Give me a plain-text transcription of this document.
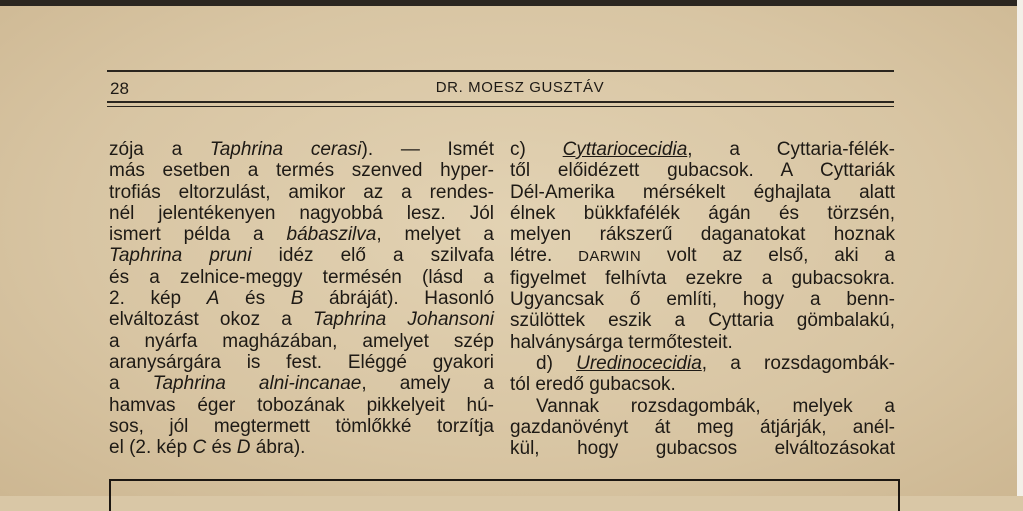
28	DR. MOESZ GUSZTÁV
zója a Taphrina cerasi). — Ismét
más esetben a termés szenved hyper-
trofiás eltorzulást, amikor az a rendes-
nél jelentékenyen nagyobbá lesz. Jól
ismert példa a bábaszilva, melyet a
Taphrina pruni idéz elő a szilvafa
és a zelnice-meggy termésén (lásd a
2. kép A és B ábráját). Hasonló
elváltozást okoz a Taphrina Johansoni
a nyárfa magházában, amelyet szép
aranysárgára is fest. Eléggé gyakori
a Taphrina alni-incanae, amely a
hamvas éger tobozának pikkelyeit hú-
sos, jól megtermett tömlőkké torzítja
el (2. kép C és D ábra).
c) Cyttariocecidia, a Cyttaria-félék-
től előidézett gubacsok. A Cyttariák
Dél-Amerika mérsékelt éghajlata alatt
élnek bükkfafélék ágán és törzsén,
melyen rákszerű daganatokat hoznak
létre. DARWIN volt az első, aki a
figyelmet felhívta ezekre a gubacsokra.
Ugyancsak ő említi, hogy a benn-
szülöttek eszik a Cyttaria gömbalakú,
halványsárga termőtesteit.
d) Uredinocecidia, a rozsdagombák-
tól eredő gubacsok.
Vannak rozsdagombák, melyek a
gazdanövényt át meg átjárják, anél-
kül, hogy gubacsos elváltozásokat
